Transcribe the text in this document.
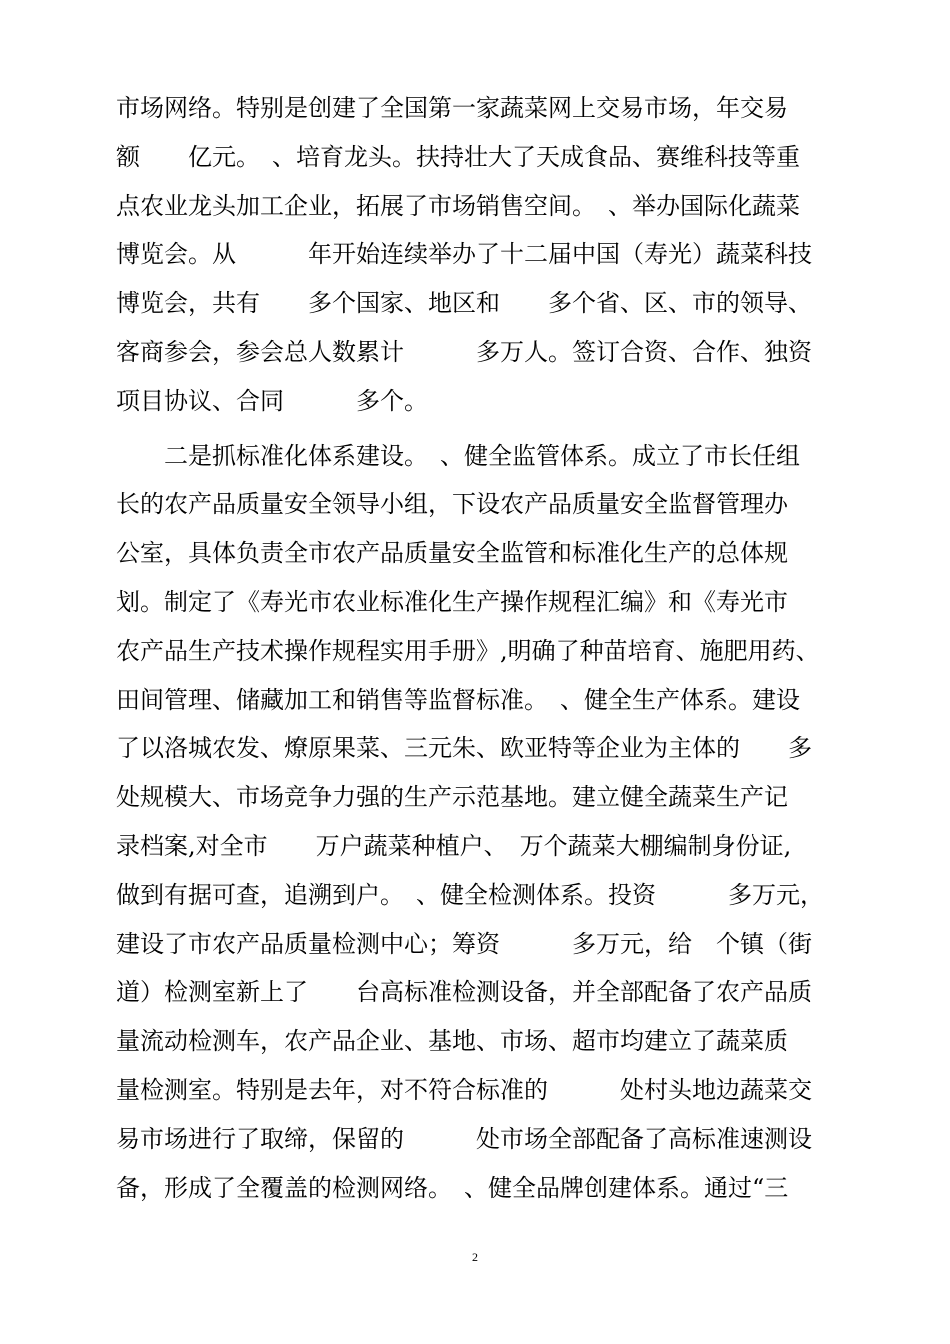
市场网络。特别是创建了全国第一家蔬菜网上交易市场，年交易
额　　亿元。　、培育龙头。扶持壮大了天成食品、赛维科技等重
点农业龙头加工企业，拓展了市场销售空间。　、举办国际化蔬菜
博览会。从　　　年开始连续举办了十二届中国（寿光）蔬菜科技
博览会，共有　　多个国家、地区和　　多个省、区、市的领导、
客商参会，参会总人数累计　　　多万人。签订合资、合作、独资
项目协议、合同　　　多个。
二是抓标准化体系建设。　、健全监管体系。成立了市长任组
长的农产品质量安全领导小组，下设农产品质量安全监督管理办
公室，具体负责全市农产品质量安全监管和标准化生产的总体规
划。制定了《寿光市农业标准化生产操作规程汇编》和《寿光市
农产品生产技术操作规程实用手册》,明确了种苗培育、施肥用药、
田间管理、储藏加工和销售等监督标准。　、健全生产体系。建设
了以洛城农发、燎原果菜、三元朱、欧亚特等企业为主体的　　多
处规模大、市场竞争力强的生产示范基地。建立健全蔬菜生产记
录档案,对全市　　万户蔬菜种植户、　万个蔬菜大棚编制身份证,
做到有据可查，追溯到户。　、健全检测体系。投资　　　多万元，
建设了市农产品质量检测中心；筹资　　　多万元，给　个镇（街
道）检测室新上了　　台高标准检测设备，并全部配备了农产品质
量流动检测车，农产品企业、基地、市场、超市均建立了蔬菜质
量检测室。特别是去年，对不符合标准的　　　处村头地边蔬菜交
易市场进行了取缔，保留的　　　处市场全部配备了高标准速测设
备，形成了全覆盖的检测网络。　、健全品牌创建体系。通过“三
2
